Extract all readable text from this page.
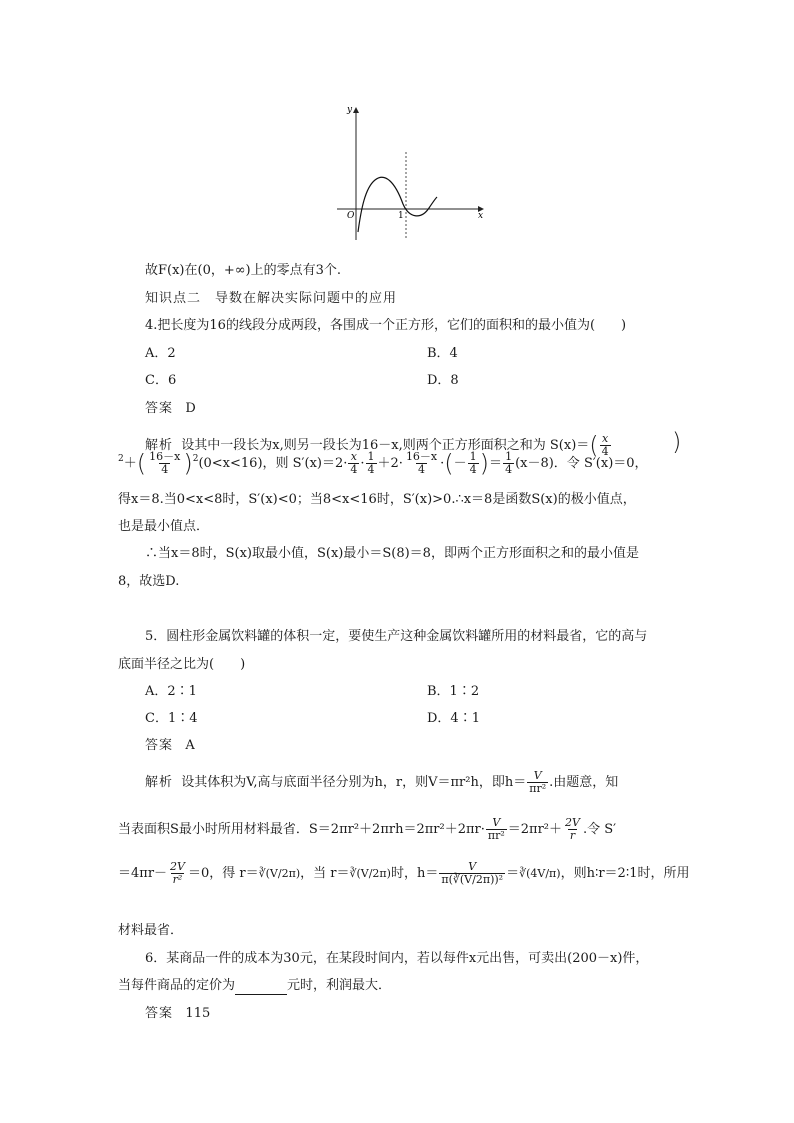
y
x
O	1
故F(x)在(0，+∞)上的零点有3个.
知识点二　导数在解决实际问题中的应用
4.把长度为16的线段分成两段，各围成一个正方形，它们的面积和的最小值为(　　)
A．2	B．4
C．6	D．8
答案 D
解析 设其中一段长为x,则另一段长为16－x,则两个正方形面积之和为 $S(x)=( \frac{x}{4}$	)
$^2+( \frac{16-x}{4} )^2(0<x<16)$，则 $S'(x)=2\cdot \frac{x}{4} \cdot \frac{1}{4} +2\cdot \frac{16-x}{4}$ ·(－ $\frac{1}{4}$ )＝ $\frac{1}{4} (x-8)$．令 S′(x)＝0，
得x＝8.当0<x<8时，S′(x)<0；当8<x<16时，S′(x)>0.∴x＝8是函数S(x)的极小值点，
也是最小值点．
∴当x＝8时，S(x)取最小值，S(x)最小＝S(8)＝8，即两个正方形面积之和的最小值是
8，故选D.
5．圆柱形金属饮料罐的体积一定，要使生产这种金属饮料罐所用的材料最省，它的高与
底面半径之比为(　　)
A．2∶1	B．1∶2
C．1∶4	D．4∶1
答案 A
解析 设其体积为V,高与底面半径分别为h，r，则V＝πr²h，即$h= \frac{V}{\text{πr²}}$ .由题意，知
当表面积S最小时所用材料最省．$S=2\pi r^2+2\pi rh=2\pi r^2+2\pi r\cdot \frac{V}{\text{πr²}} =2\pi r^2+ \frac{2V}{r}$ .令 S′
$=4\pi r- \frac{2V}{\text{r²}} =0$，得 r＝∛(V/2π)，当 r＝∛(V/2π)时，$h= \frac{V}{\text{π(∛(V/2π))²}}$ ＝∛(4V/π)，则h∶r＝2∶1时，所用
材料最省．
6．某商品一件的成本为30元，在某段时间内，若以每件x元出售，可卖出(200－x)件，
当每件商品的定价为	元时，利润最大．
答案 115
